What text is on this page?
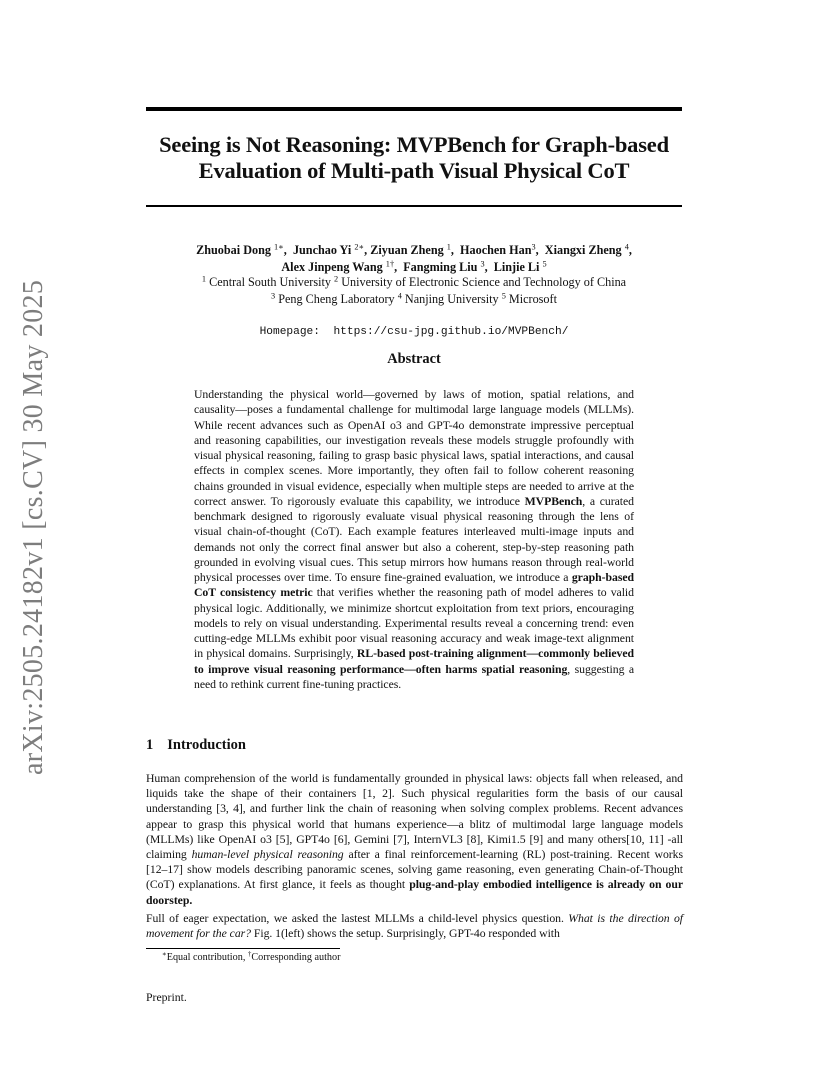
arXiv:2505.24182v1 [cs.CV] 30 May 2025
Seeing is Not Reasoning: MVPBench for Graph-based
Evaluation of Multi-path Visual Physical CoT
Zhuobai Dong $^{1∗}$,  Junchao Yi $^{2∗}$, Ziyuan Zheng $^1$,  Haochen Han$^3$,  Xiangxi Zheng $^4$,
Alex Jinpeng Wang $^{1\dagger}$,  Fangming Liu $^3$,  Linjie Li $^5$
$^1$ Central South University $^2$ University of Electronic Science and Technology of China
$^3$ Peng Cheng Laboratory $^4$ Nanjing University $^5$ Microsoft
Homepage: https://csu-jpg.github.io/MVPBench/
Abstract
Understanding the physical world—governed by laws of motion, spatial relations, and causality—poses a fundamental challenge for multimodal large language models (MLLMs). While recent advances such as OpenAI o3 and GPT-4o demonstrate impressive perceptual and reasoning capabilities, our investigation reveals these models struggle profoundly with visual physical reasoning, failing to grasp basic physical laws, spatial interactions, and causal effects in complex scenes. More importantly, they often fail to follow coherent reasoning chains grounded in visual evidence, especially when multiple steps are needed to arrive at the correct answer. To rigorously evaluate this capability, we introduce MVPBench, a curated benchmark designed to rigorously evaluate visual physical reasoning through the lens of visual chain-of-thought (CoT). Each example features interleaved multi-image inputs and demands not only the correct final answer but also a coherent, step-by-step reasoning path grounded in evolving visual cues. This setup mirrors how humans reason through real-world physical processes over time. To ensure fine-grained evaluation, we introduce a graph-based CoT consistency metric that verifies whether the reasoning path of model adheres to valid physical logic. Additionally, we minimize shortcut exploitation from text priors, encouraging models to rely on visual understanding. Experimental results reveal a concerning trend: even cutting-edge MLLMs exhibit poor visual reasoning accuracy and weak image-text alignment in physical domains. Surprisingly, RL-based post-training alignment—commonly believed to improve visual reasoning performance—often harms spatial reasoning, suggesting a need to rethink current fine-tuning practices.
1 Introduction
Human comprehension of the world is fundamentally grounded in physical laws: objects fall when released, and liquids take the shape of their containers [1, 2]. Such physical regularities form the basis of our causal understanding [3, 4], and further link the chain of reasoning when solving complex problems. Recent advances appear to grasp this physical world that humans experience—a blitz of multimodal large language models (MLLMs) like OpenAI o3 [5], GPT4o [6], Gemini [7], InternVL3 [8], Kimi1.5 [9] and many others[10, 11] -all claiming human-level physical reasoning after a final reinforcement-learning (RL) post-training. Recent works [12–17] show models describing panoramic scenes, solving game reasoning, even generating Chain-of-Thought (CoT) explanations. At first glance, it feels as thought plug-and-play embodied intelligence is already on our doorstep.
Full of eager expectation, we asked the lastest MLLMs a child-level physics question. What is the direction of movement for the car? Fig. 1(left) shows the setup. Surprisingly, GPT-4o responded with
∗Equal contribution, †Corresponding author
Preprint.
